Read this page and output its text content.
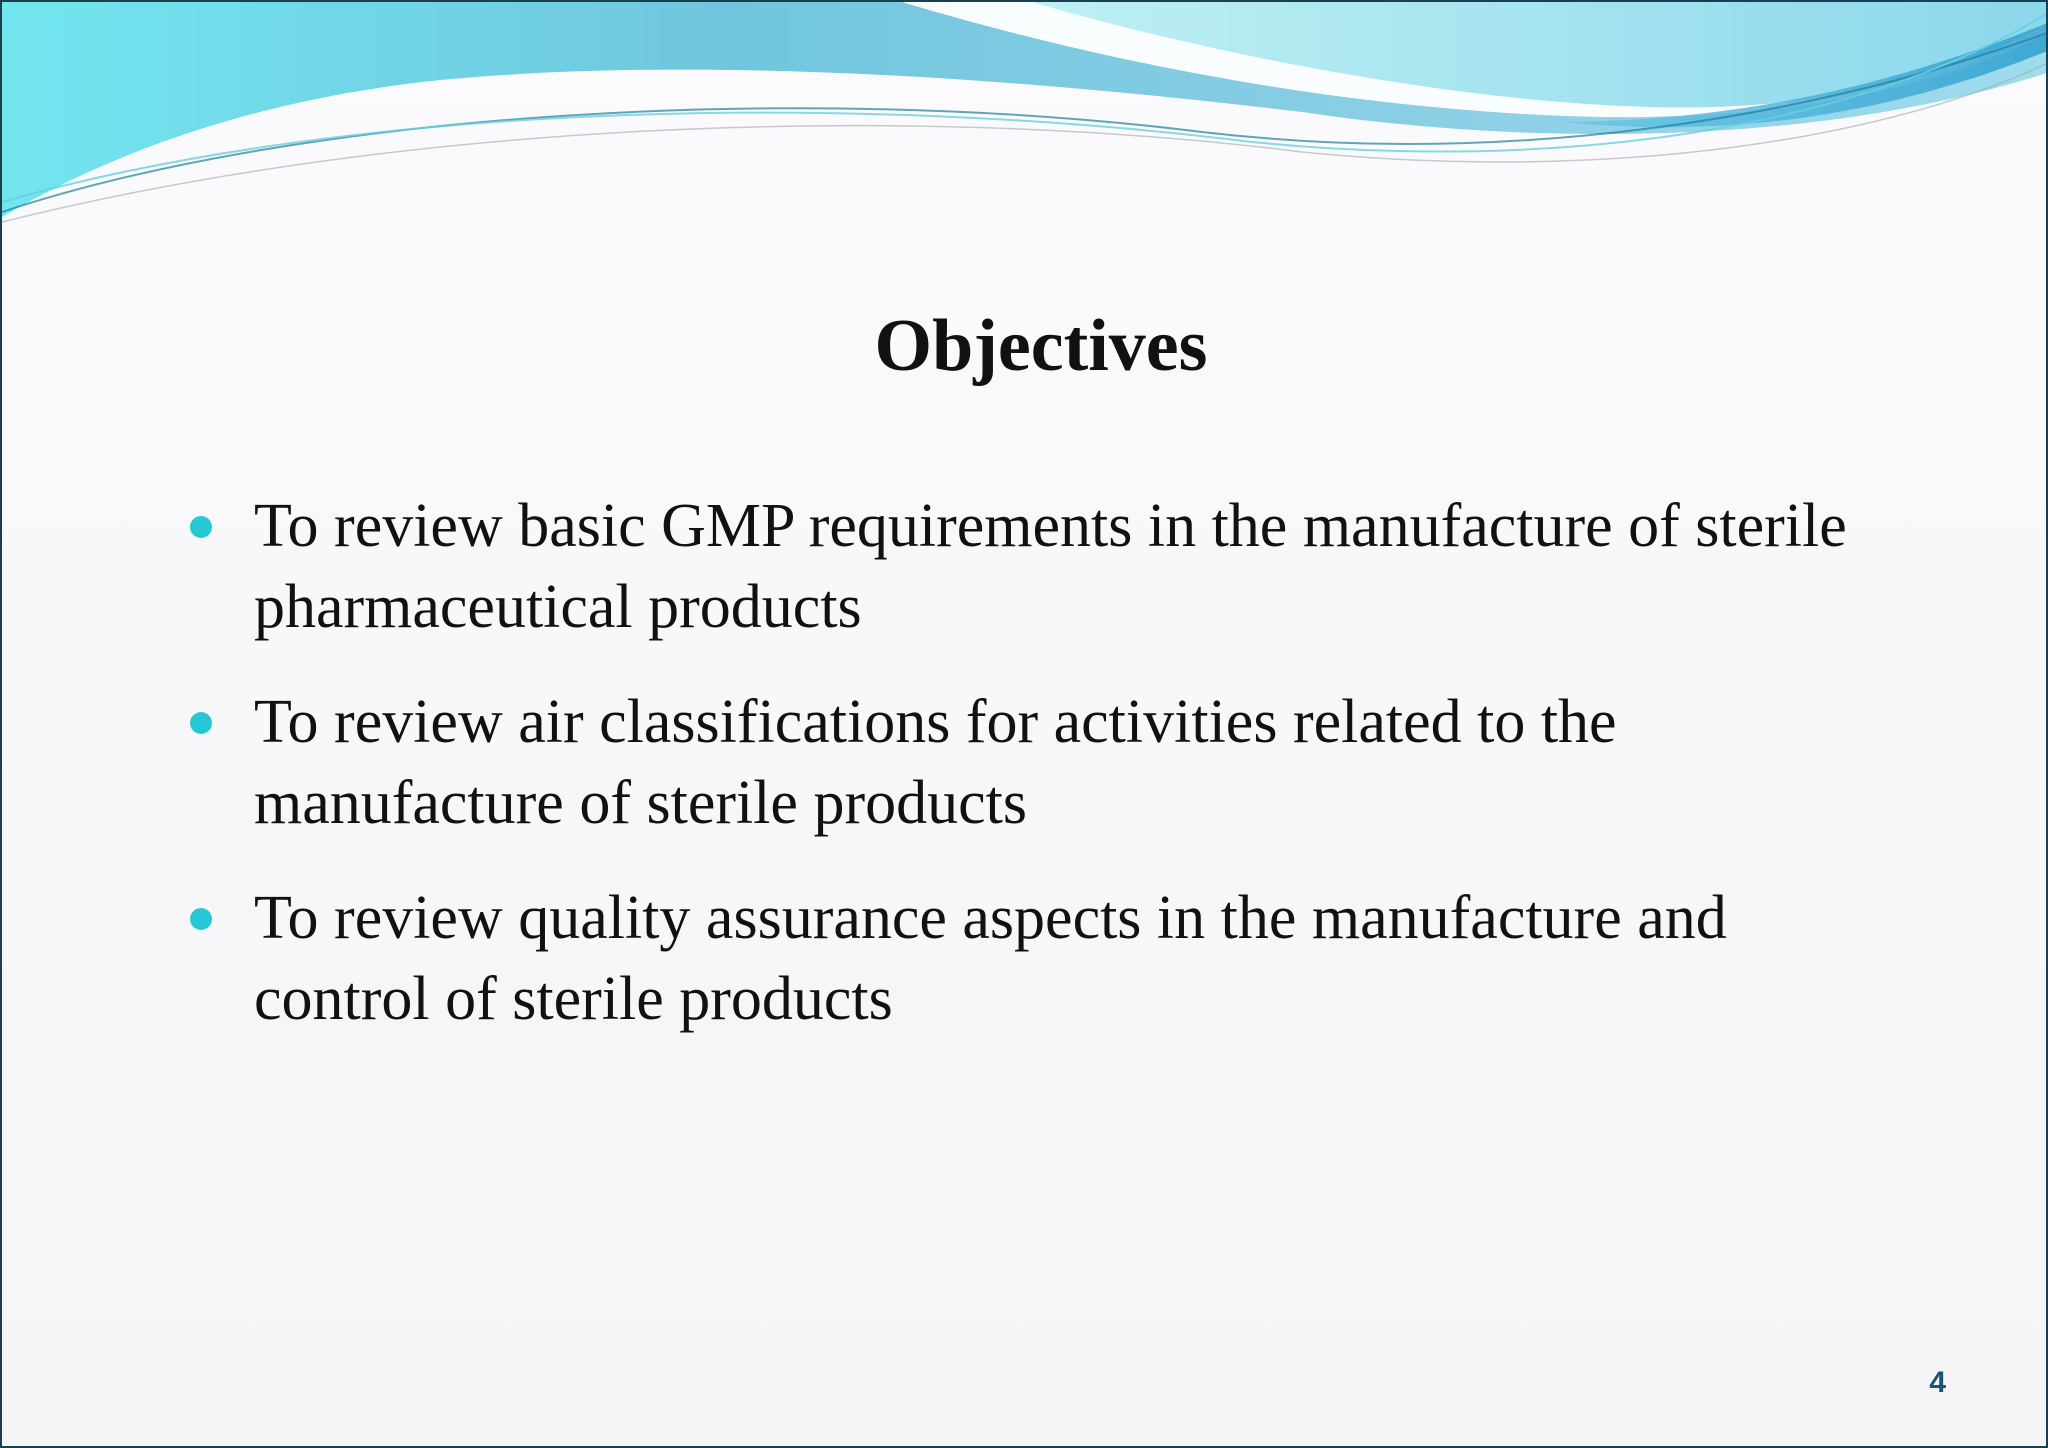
Objectives
To review basic GMP requirements in the manufacture of sterile pharmaceutical products
To review air classifications for activities related to the manufacture of sterile products
To review quality assurance aspects in the manufacture and control of sterile products
4
